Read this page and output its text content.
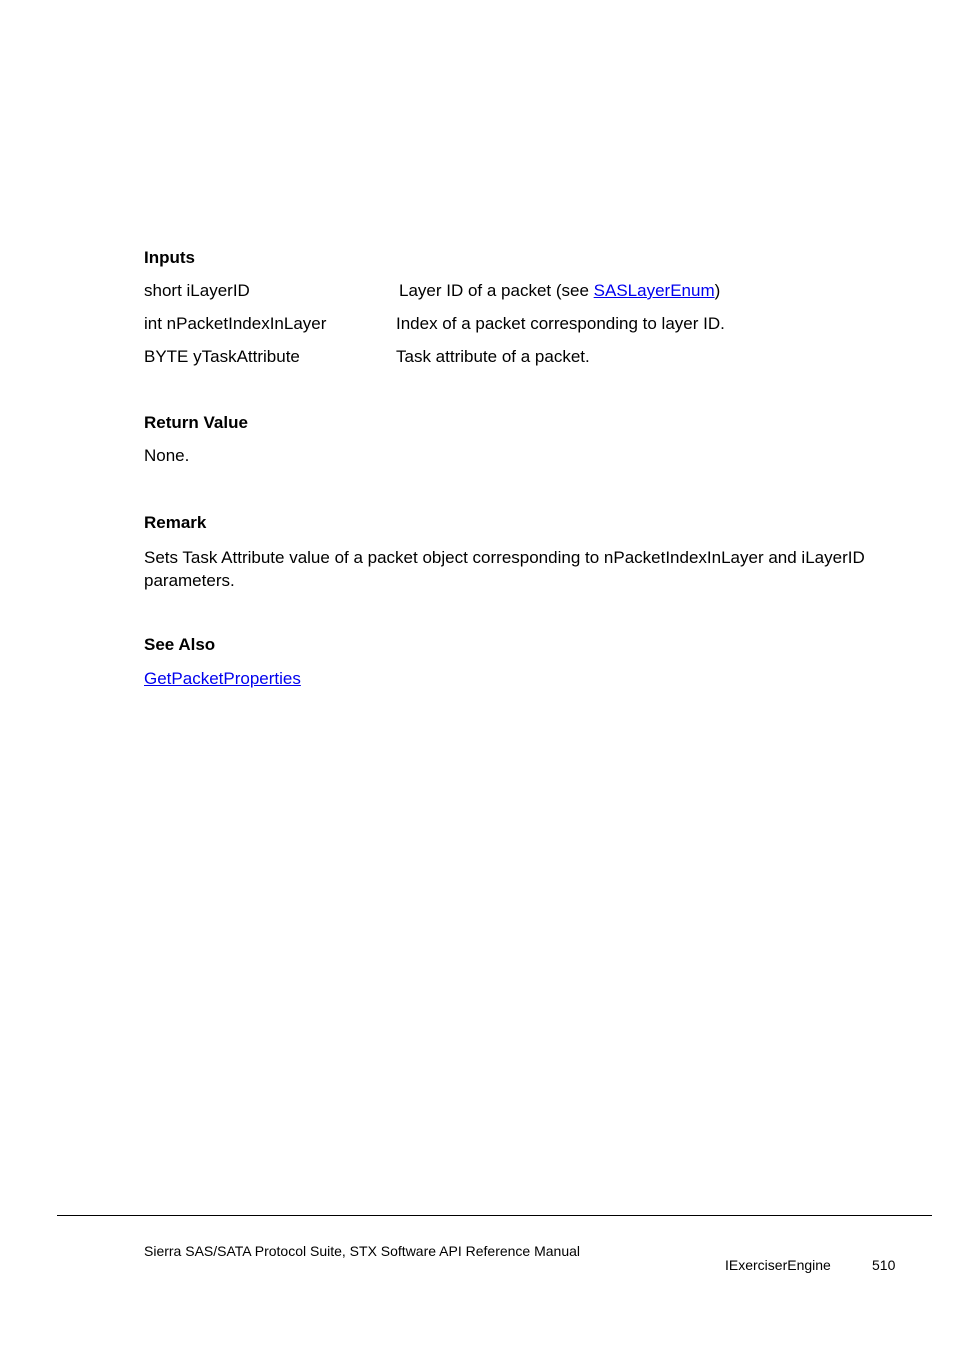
Inputs
short iLayerID	Layer ID of a packet (see SASLayerEnum)
int nPacketIndexInLayer	Index of a packet corresponding to layer ID.
BYTE yTaskAttribute	Task attribute of a packet.
Return Value
None.
Remark
Sets Task Attribute value of a packet object corresponding to nPacketIndexInLayer and iLayerID parameters.
See Also
GetPacketProperties
Sierra SAS/SATA Protocol Suite, STX Software API Reference Manual
IExerciserEngine	510
